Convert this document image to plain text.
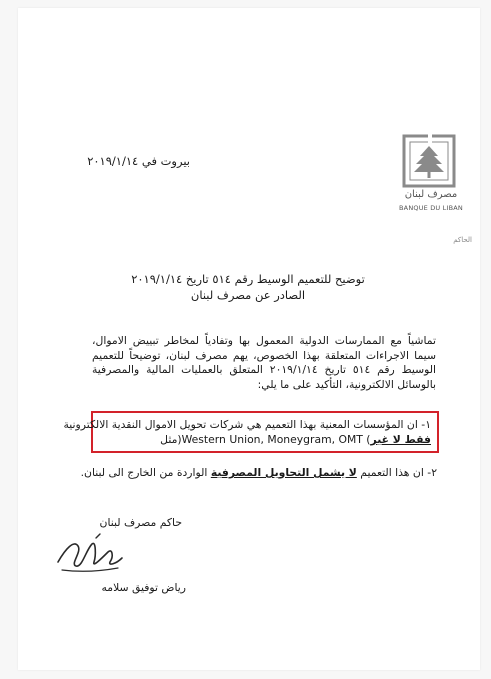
مصرف لبنان
BANQUE DU LIBAN
الحاكم
بيروت في ٢٠١٩/١/١٤
توضيح للتعميم الوسيط رقم ٥١٤ تاريخ ٢٠١٩/١/١٤
الصادر عن مصرف لبنان
تماشياً مع الممارسات الدولية المعمول بها وتفادياً لمخاطر تبييض الاموال، سيما الاجراءات المتعلقة بهذا الخصوص، يهم مصرف لبنان، توضيحاً للتعميم الوسيط رقم ٥١٤ تاريخ ٢٠١٩/١/١٤ المتعلق بالعمليات المالية والمصرفية بالوسائل الالكترونية، التأكيد على ما يلي:
١- ان المؤسسات المعنية بهذا التعميم هي شركات تحويل الاموال النقدية الالكترونية
فقط لا غير) Western Union, Moneygram, OMT(مثل
٢- ان هذا التعميم لا يشمل التحاويل المصرفية الواردة من الخارج الى لبنان.
حاكم مصرف لبنان
رياض توفيق سلامه
